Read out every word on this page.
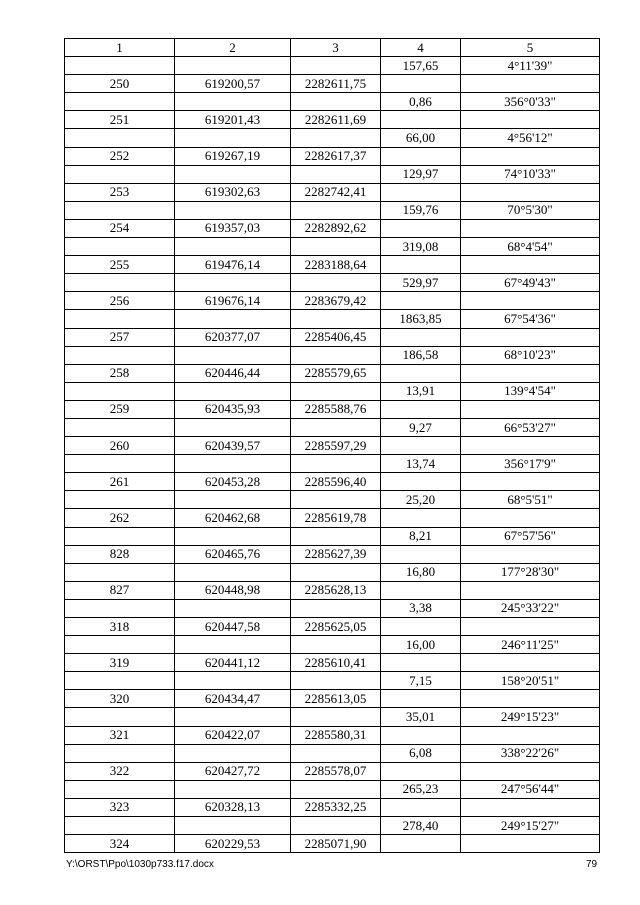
1	2	3	4	5
			157,65	4°11'39"
250	619200,57	2282611,75		
			0,86	356°0'33"
251	619201,43	2282611,69		
			66,00	4°56'12"
252	619267,19	2282617,37		
			129,97	74°10'33"
253	619302,63	2282742,41		
			159,76	70°5'30"
254	619357,03	2282892,62		
			319,08	68°4'54"
255	619476,14	2283188,64		
			529,97	67°49'43"
256	619676,14	2283679,42		
			1863,85	67°54'36"
257	620377,07	2285406,45		
			186,58	68°10'23"
258	620446,44	2285579,65		
			13,91	139°4'54"
259	620435,93	2285588,76		
			9,27	66°53'27"
260	620439,57	2285597,29		
			13,74	356°17'9"
261	620453,28	2285596,40		
			25,20	68°5'51"
262	620462,68	2285619,78		
			8,21	67°57'56"
828	620465,76	2285627,39		
			16,80	177°28'30"
827	620448,98	2285628,13		
			3,38	245°33'22"
318	620447,58	2285625,05		
			16,00	246°11'25"
319	620441,12	2285610,41		
			7,15	158°20'51"
320	620434,47	2285613,05		
			35,01	249°15'23"
321	620422,07	2285580,31		
			6,08	338°22'26"
322	620427,72	2285578,07		
			265,23	247°56'44"
323	620328,13	2285332,25		
			278,40	249°15'27"
324	620229,53	2285071,90		
Y:\ORST\Ppo\1030p733.f17.docx	79
